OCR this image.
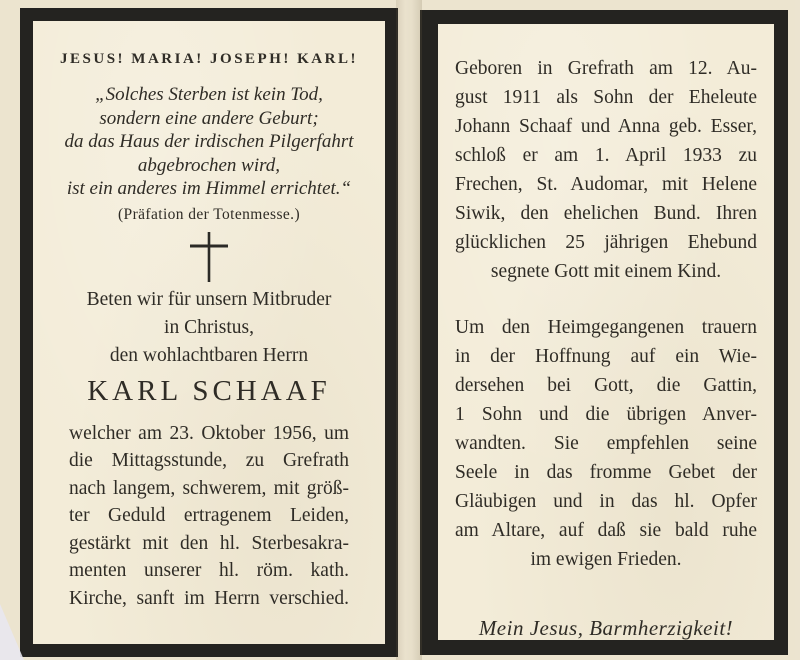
JESUS! MARIA! JOSEPH! KARL!
„Solches Sterben ist kein Tod,
sondern eine andere Geburt;
da das Haus der irdischen Pilgerfahrt
abgebrochen wird,
ist ein anderes im Himmel errichtet.“
(Präfation der Totenmesse.)
Beten wir für unsern Mitbruder
in Christus,
den wohlachtbaren Herrn
KARL SCHAAF
welcher am 23. Oktober 1956, um
die Mittagsstunde, zu Grefrath
nach langem, schwerem, mit größ-
ter Geduld ertragenem Leiden,
gestärkt mit den hl. Sterbesakra-
menten unserer hl. röm. kath.
Kirche, sanft im Herrn verschied.
Geboren in Grefrath am 12. Au-
gust 1911 als Sohn der Eheleute
Johann Schaaf und Anna geb. Esser,
schloß er am 1. April 1933 zu
Frechen, St. Audomar, mit Helene
Siwik, den ehelichen Bund. Ihren
glücklichen 25 jährigen Ehebund
segnete Gott mit einem Kind.
Um den Heimgegangenen trauern
in der Hoffnung auf ein Wie-
dersehen bei Gott, die Gattin,
1 Sohn und die übrigen Anver-
wandten. Sie empfehlen seine
Seele in das fromme Gebet der
Gläubigen und in das hl. Opfer
am Altare, auf daß sie bald ruhe
im ewigen Frieden.
Mein Jesus, Barmherzigkeit!
